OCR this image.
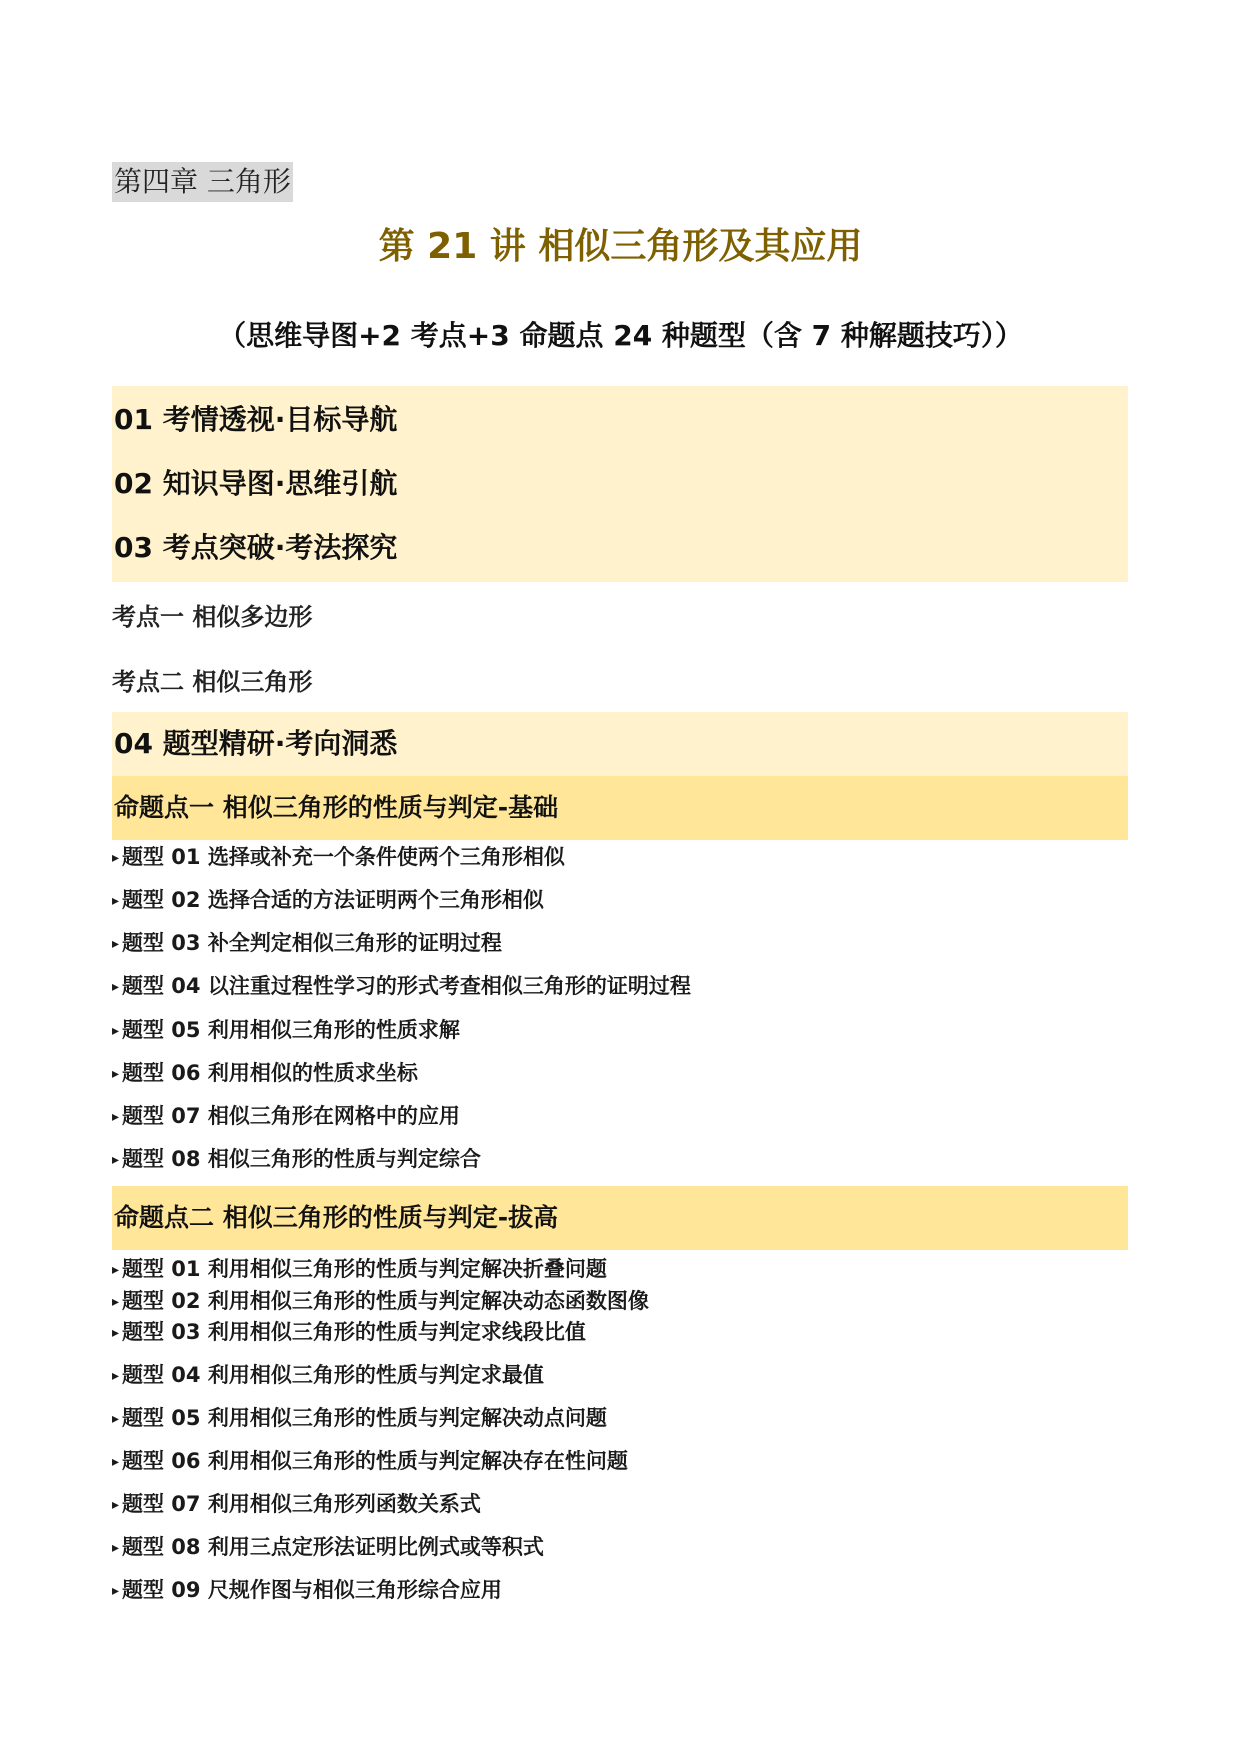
第四章 三角形
第 21 讲 相似三角形及其应用
（思维导图+2 考点+3 命题点 24 种题型（含 7 种解题技巧））
01 考情透视·目标导航
02 知识导图·思维引航
03 考点突破·考法探究
考点一 相似多边形
考点二 相似三角形
04 题型精研·考向洞悉
命题点一 相似三角形的性质与判定-基础
▸ 题型 01 选择或补充一个条件使两个三角形相似
▸ 题型 02 选择合适的方法证明两个三角形相似
▸ 题型 03 补全判定相似三角形的证明过程
▸ 题型 04 以注重过程性学习的形式考查相似三角形的证明过程
▸ 题型 05 利用相似三角形的性质求解
▸ 题型 06 利用相似的性质求坐标
▸ 题型 07 相似三角形在网格中的应用
▸ 题型 08 相似三角形的性质与判定综合
命题点二 相似三角形的性质与判定-拔高
▸ 题型 01 利用相似三角形的性质与判定解决折叠问题
▸ 题型 02 利用相似三角形的性质与判定解决动态函数图像
▸ 题型 03 利用相似三角形的性质与判定求线段比值
▸ 题型 04 利用相似三角形的性质与判定求最值
▸ 题型 05 利用相似三角形的性质与判定解决动点问题
▸ 题型 06 利用相似三角形的性质与判定解决存在性问题
▸ 题型 07 利用相似三角形列函数关系式
▸ 题型 08 利用三点定形法证明比例式或等积式
▸ 题型 09 尺规作图与相似三角形综合应用
